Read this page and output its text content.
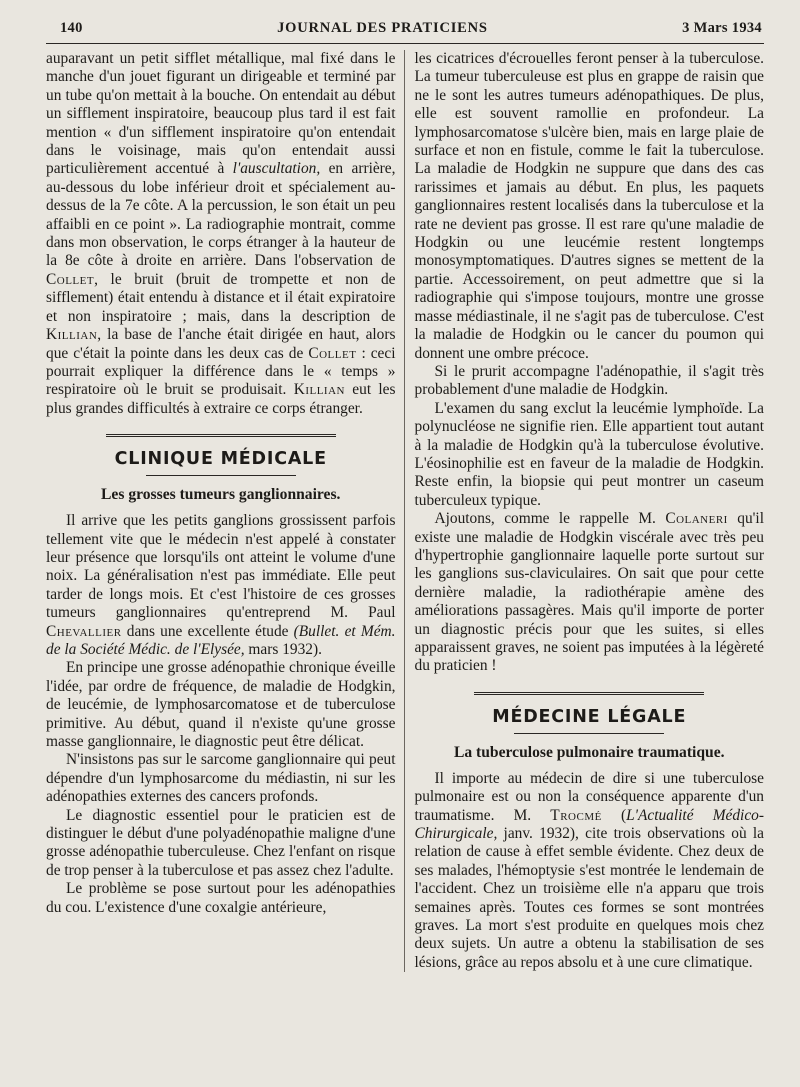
140	JOURNAL DES PRATICIENS	3 Mars 1934

auparavant un petit sifflet métallique, mal fixé dans le manche d'un jouet figurant un dirigeable et terminé par un tube qu'on mettait à la bouche. On entendait au début un sifflement inspiratoire, beaucoup plus tard il est fait mention « d'un sifflement inspiratoire qu'on entendait dans le voisinage, mais qu'on entendait aussi particulièrement accentué à l'auscultation, en arrière, au-dessous du lobe inférieur droit et spécialement au-dessus de la 7e côte. A la percussion, le son était un peu affaibli en ce point ». La radiographie montrait, comme dans mon observation, le corps étranger à la hauteur de la 8e côte à droite en arrière. Dans l'observation de Collet, le bruit (bruit de trompette et non de sifflement) était entendu à distance et il était expiratoire et non inspiratoire ; mais, dans la description de Killian, la base de l'anche était dirigée en haut, alors que c'était la pointe dans les deux cas de Collet : ceci pourrait expliquer la différence dans le « temps » respiratoire où le bruit se produisait. Killian eut les plus grandes difficultés à extraire ce corps étranger.

CLINIQUE MÉDICALE
Les grosses tumeurs ganglionnaires.

Il arrive que les petits ganglions grossissent parfois tellement vite que le médecin n'est appelé à constater leur présence que lorsqu'ils ont atteint le volume d'une noix. La généralisation n'est pas immédiate. Elle peut tarder de longs mois. Et c'est l'histoire de ces grosses tumeurs ganglionnaires qu'entreprend M. Paul Chevallier dans une excellente étude (Bullet. et Mém. de la Société Médic. de l'Elysée, mars 1932).

En principe une grosse adénopathie chronique éveille l'idée, par ordre de fréquence, de maladie de Hodgkin, de leucémie, de lymphosarcomatose et de tuberculose primitive. Au début, quand il n'existe qu'une grosse masse ganglionnaire, le diagnostic peut être délicat.

N'insistons pas sur le sarcome ganglionnaire qui peut dépendre d'un lymphosarcome du médiastin, ni sur les adénopathies externes des cancers profonds.

Le diagnostic essentiel pour le praticien est de distinguer le début d'une polyadénopathie maligne d'une grosse adénopathie tuberculeuse. Chez l'enfant on risque de trop penser à la tuberculose et pas assez chez l'adulte.

Le problème se pose surtout pour les adénopathies du cou. L'existence d'une coxalgie antérieure,

les cicatrices d'écrouelles feront penser à la tuberculose. La tumeur tuberculeuse est plus en grappe de raisin que ne le sont les autres tumeurs adénopathiques. De plus, elle est souvent ramollie en profondeur. La lymphosarcomatose s'ulcère bien, mais en large plaie de surface et non en fistule, comme le fait la tuberculose. La maladie de Hodgkin ne suppure que dans des cas rarissimes et jamais au début. En plus, les paquets ganglionnaires restent localisés dans la tuberculose et la rate ne devient pas grosse. Il est rare qu'une maladie de Hodgkin ou une leucémie restent longtemps monosymptomatiques. D'autres signes se mettent de la partie. Accessoirement, on peut admettre que si la radiographie qui s'impose toujours, montre une grosse masse médiastinale, il ne s'agit pas de tuberculose. C'est la maladie de Hodgkin ou le cancer du poumon qui donnent une ombre précoce.

Si le prurit accompagne l'adénopathie, il s'agit très probablement d'une maladie de Hodgkin.

L'examen du sang exclut la leucémie lymphoïde. La polynucléose ne signifie rien. Elle appartient tout autant à la maladie de Hodgkin qu'à la tuberculose évolutive. L'éosinophilie est en faveur de la maladie de Hodgkin. Reste enfin, la biopsie qui peut montrer un caseum tuberculeux typique.

Ajoutons, comme le rappelle M. Colaneri qu'il existe une maladie de Hodgkin viscérale avec très peu d'hypertrophie ganglionnaire laquelle porte surtout sur les ganglions sus-claviculaires. On sait que pour cette dernière maladie, la radiothérapie amène des améliorations passagères. Mais qu'il importe de porter un diagnostic précis pour que les suites, si elles apparaissent graves, ne soient pas imputées à la légèreté du praticien !

MÉDECINE LÉGALE
La tuberculose pulmonaire traumatique.

Il importe au médecin de dire si une tuberculose pulmonaire est ou non la conséquence apparente d'un traumatisme. M. Trocmé (L'Actualité Médico-Chirurgicale, janv. 1932), cite trois observations où la relation de cause à effet semble évidente. Chez deux de ses malades, l'hémoptysie s'est montrée le lendemain de l'accident. Chez un troisième elle n'a apparu que trois semaines après. Toutes ces formes se sont montrées graves. La mort s'est produite en quelques mois chez deux sujets. Un autre a obtenu la stabilisation de ses lésions, grâce au repos absolu et à une cure climatique.
